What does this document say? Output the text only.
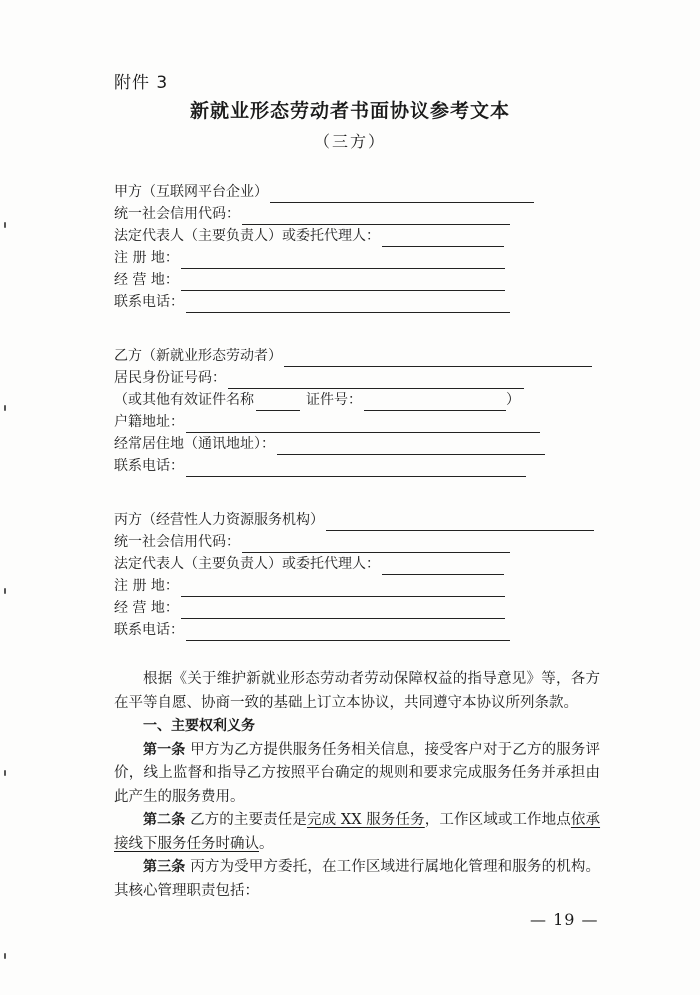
附件 3
新就业形态劳动者书面协议参考文本
（三方）
甲方（互联网平台企业）
统一社会信用代码：
法定代表人（主要负责人）或委托代理人：
注 册 地：
经 营 地：
联系电话：
乙方（新就业形态劳动者）
居民身份证号码：
（或其他有效证件名称	证件号：	）
户籍地址：
经常居住地（通讯地址）：
联系电话：
丙方（经营性人力资源服务机构）
统一社会信用代码：
法定代表人（主要负责人）或委托代理人：
注 册 地：
经 营 地：
联系电话：

根据《关于维护新就业形态劳动者劳动保障权益的指导意见》等，各方在平等自愿、协商一致的基础上订立本协议，共同遵守本协议所列条款。

一、主要权利义务

第一条 甲方为乙方提供服务任务相关信息，接受客户对于乙方的服务评价，线上监督和指导乙方按照平台确定的规则和要求完成服务任务并承担由此产生的服务费用。

第二条 乙方的主要责任是完成 XX 服务任务，工作区域或工作地点依承接线下服务任务时确认。

第三条 丙方为受甲方委托，在工作区域进行属地化管理和服务的机构。其核心管理职责包括：

— 19 —
